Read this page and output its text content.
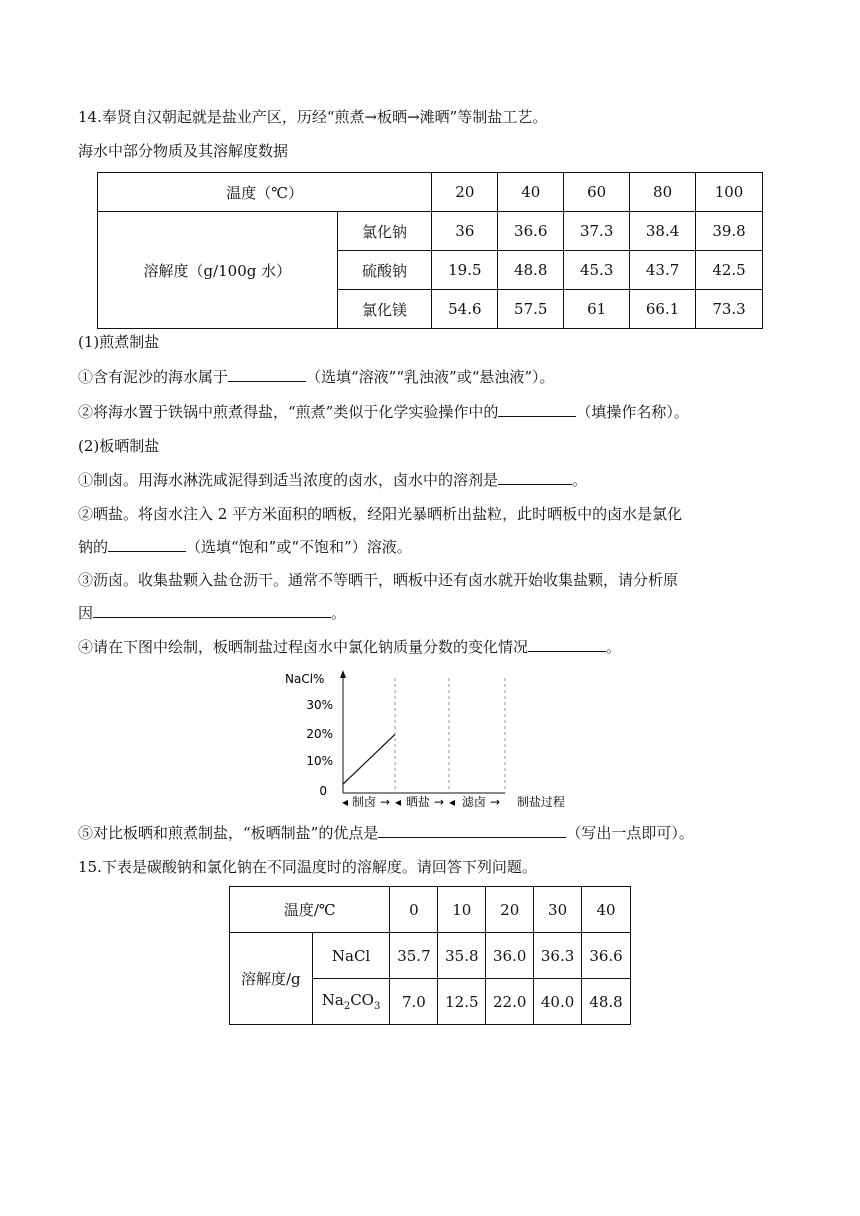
14.奉贤自汉朝起就是盐业产区，历经“煎煮→板晒→滩晒”等制盐工艺。
海水中部分物质及其溶解度数据
温度（℃）		20	40	60	80	100
溶解度（g/100g 水）	氯化钠	36	36.6	37.3	38.4	39.8
	硫酸钠	19.5	48.8	45.3	43.7	42.5
	氯化镁	54.6	57.5	61	66.1	73.3
(1)煎煮制盐
①含有泥沙的海水属于	（选填“溶液”“乳浊液”或“悬浊液”）。
②将海水置于铁锅中煎煮得盐，“煎煮”类似于化学实验操作中的	（填操作名称）。
(2)板晒制盐
①制卤。用海水淋洗咸泥得到适当浓度的卤水，卤水中的溶剂是	。
②晒盐。将卤水注入 2 平方米面积的晒板，经阳光暴晒析出盐粒，此时晒板中的卤水是氯化
钠的	（选填“饱和”或“不饱和”）溶液。
③沥卤。收集盐颗入盐仓沥干。通常不等晒干，晒板中还有卤水就开始收集盐颗，请分析原
因	。
④请在下图中绘制，板晒制盐过程卤水中氯化钠质量分数的变化情况	。
NaCl%
30%
20%
10%
0
◂ 制卤 → ◂ 晒盐 → ◂ 滤卤 → 制盐过程
⑤对比板晒和煎煮制盐，“板晒制盐”的优点是	（写出一点即可）。
15.下表是碳酸钠和氯化钠在不同温度时的溶解度。请回答下列问题。
温度/℃		0	10	20	30	40
溶解度/g	NaCl	35.7	35.8	36.0	36.3	36.6
	$Na_2CO_3$	7.0	12.5	22.0	40.0	48.8
